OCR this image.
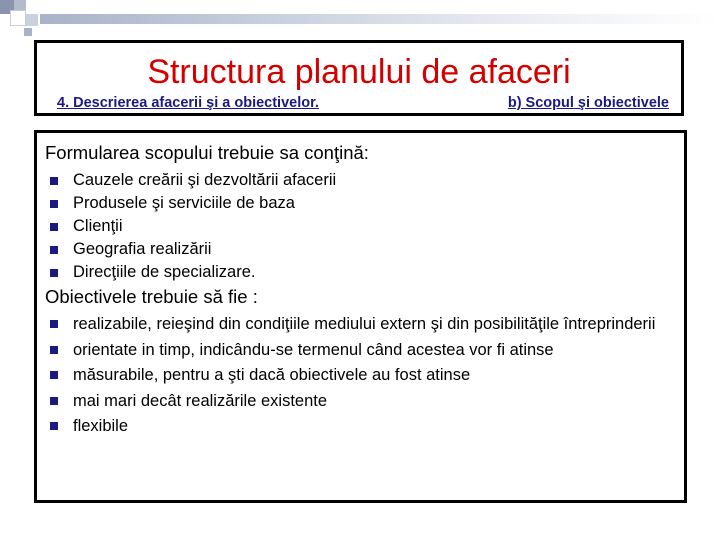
Structura planului de afaceri
4. Descrierea afacerii şi a obiectivelor.	b) Scopul şi obiectivele
Formularea scopului trebuie sa conţină:
Cauzele creării şi dezvoltării afacerii
Produsele şi serviciile de baza
Clienţii
Geografia realizării
Direcţiile de specializare.
Obiectivele trebuie să fie :
realizabile, reieşind din condiţiile mediului extern şi din posibilităţile întreprinderii
orientate in timp, indicându-se termenul când acestea vor fi atinse
măsurabile, pentru a şti dacă obiectivele au fost atinse
mai mari decât realizările existente
flexibile
